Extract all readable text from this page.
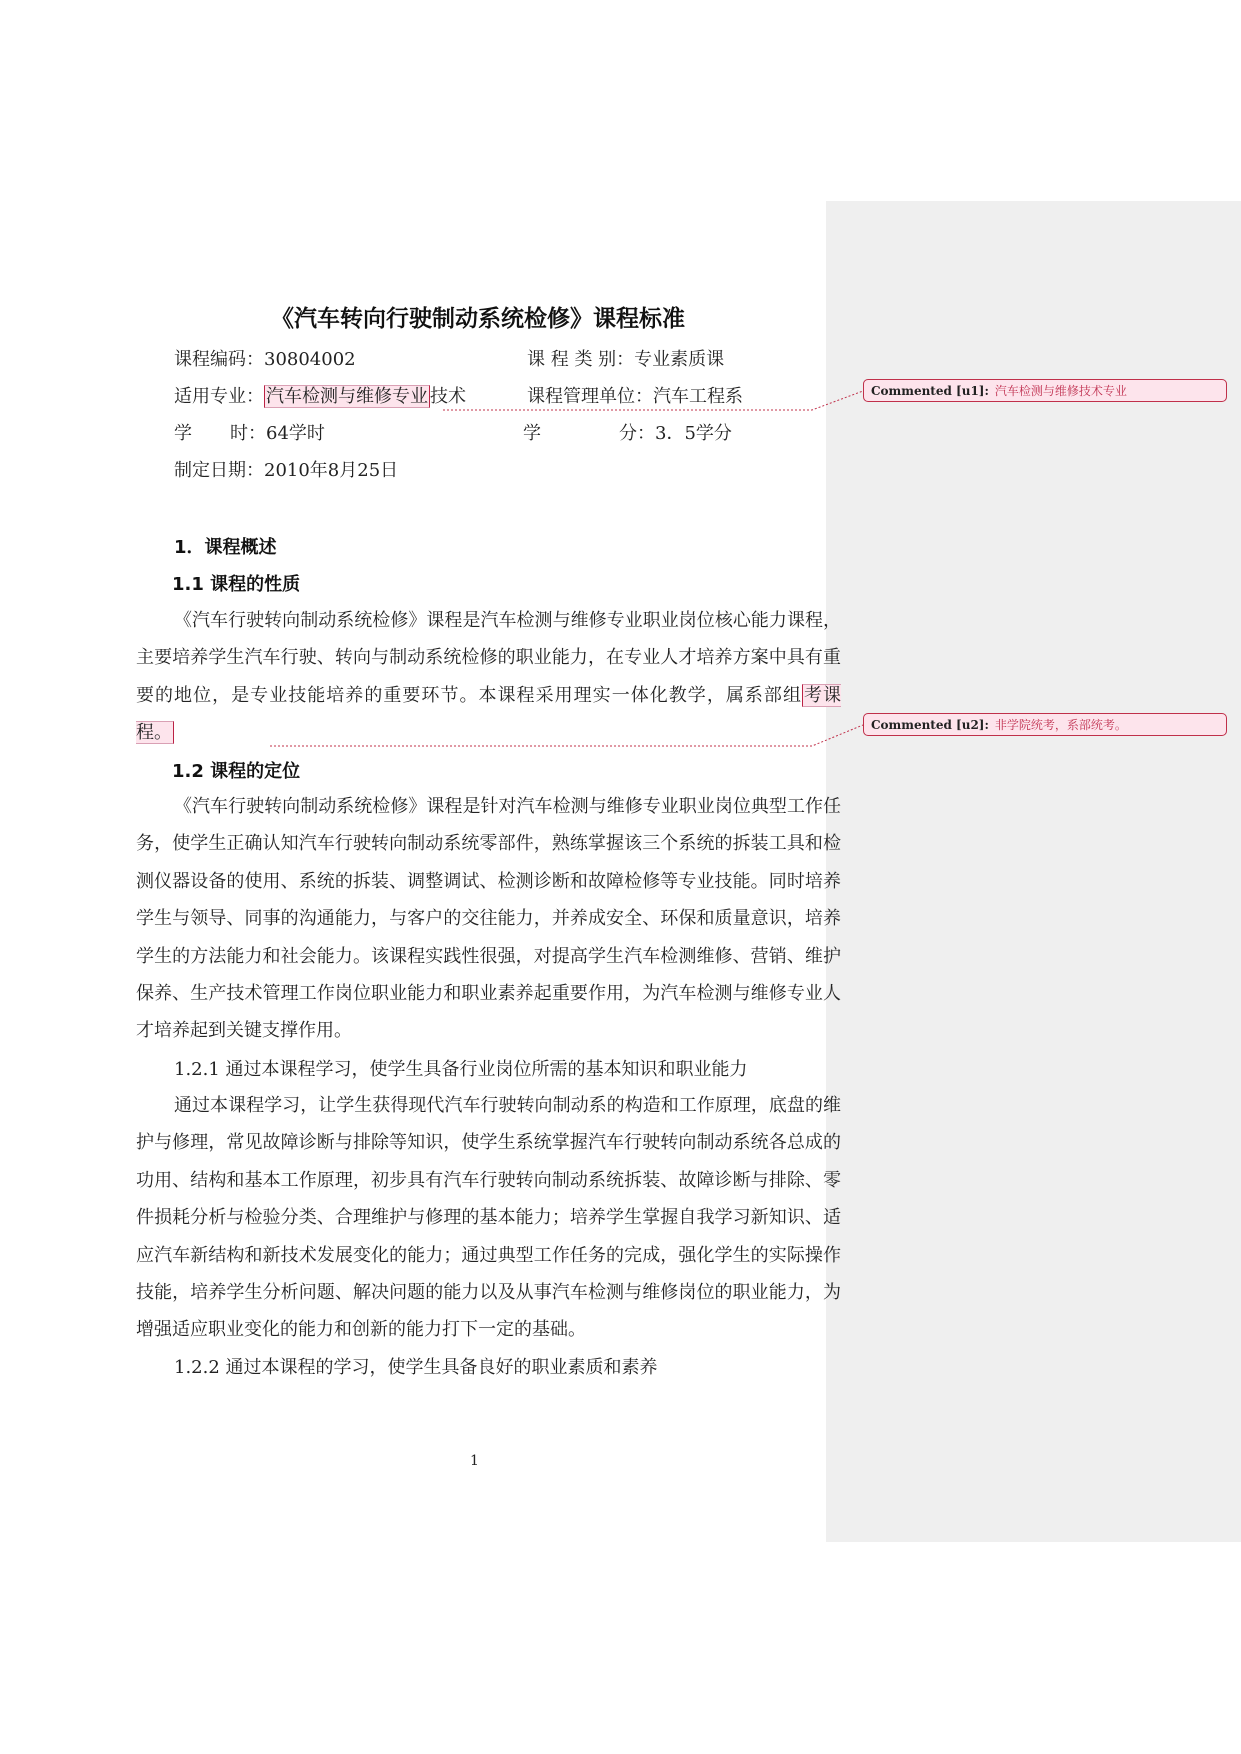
《汽车转向行驶制动系统检修》课程标准
课程编码：30804002	课 程 类 别：专业素质课
适用专业： 汽车检测与维修专业 技术	课程管理单位：汽车工程系
学 时：64学时	学	分：3．5学分
制定日期：2010年8月25日
1．课程概述
1.1 课程的性质

《汽车行驶转向制动系统检修》课程是汽车检测与维修专业职业岗位核心能力课程，主要培养学生汽车行驶、转向与制动系统检修的职业能力，在专业人才培养方案中具有重要的地位，是专业技能培养的重要环节。本课程采用理实一体化教学，属系部组 考课程。

1.2 课程的定位

《汽车行驶转向制动系统检修》课程是针对汽车检测与维修专业职业岗位典型工作任务，使学生正确认知汽车行驶转向制动系统零部件，熟练掌握该三个系统的拆装工具和检测仪器设备的使用、系统的拆装、调整调试、检测诊断和故障检修等专业技能。同时培养学生与领导、同事的沟通能力，与客户的交往能力，并养成安全、环保和质量意识，培养学生的方法能力和社会能力。该课程实践性很强，对提高学生汽车检测维修、营销、维护保养、生产技术管理工作岗位职业能力和职业素养起重要作用，为汽车检测与维修专业人才培养起到关键支撑作用。

1.2.1 通过本课程学习，使学生具备行业岗位所需的基本知识和职业能力

通过本课程学习，让学生获得现代汽车行驶转向制动系的构造和工作原理，底盘的维护与修理，常见故障诊断与排除等知识，使学生系统掌握汽车行驶转向制动系统各总成的功用、结构和基本工作原理，初步具有汽车行驶转向制动系统拆装、故障诊断与排除、零件损耗分析与检验分类、合理维护与修理的基本能力；培养学生掌握自我学习新知识、适应汽车新结构和新技术发展变化的能力；通过典型工作任务的完成，强化学生的实际操作技能，培养学生分析问题、解决问题的能力以及从事汽车检测与维修岗位的职业能力，为增强适应职业变化的能力和创新的能力打下一定的基础。

1.2.2 通过本课程的学习，使学生具备良好的职业素质和素养
1
Commented [u1]: 汽车检测与维修技术专业
Commented [u2]: 非学院统考，系部统考。
